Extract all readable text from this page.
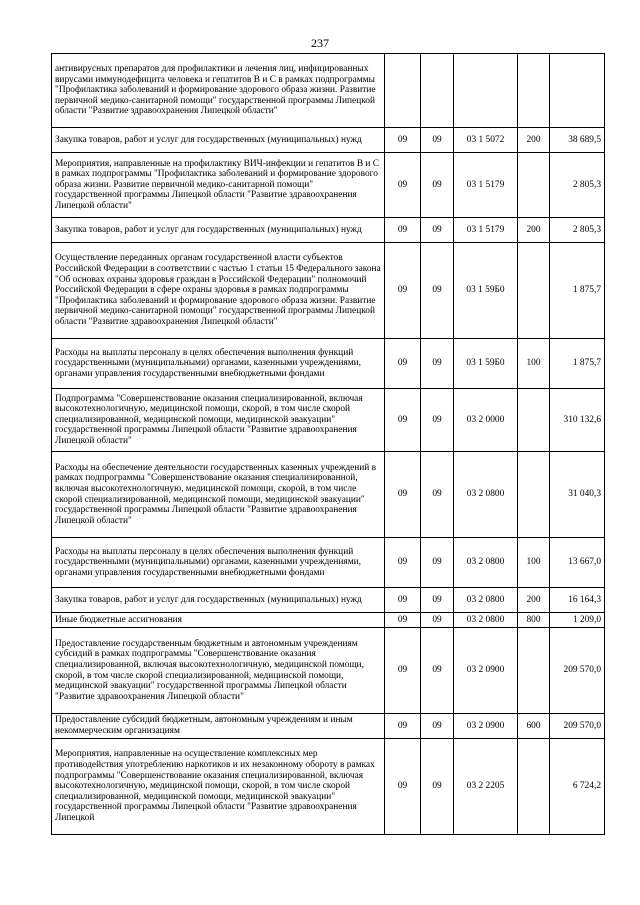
237
антивирусных препаратов для профилактики и лечения лиц, инфицированных вирусами иммунодефицита человека и гепатитов В и С в рамках подпрограммы "Профилактика заболеваний и формирование здорового образа жизни. Развитие первичной медико-санитарной помощи" государственной программы Липецкой области "Развитие здравоохранения Липецкой области"					
Закупка товаров, работ и услуг для государственных (муниципальных) нужд	09	09	03 1 5072	200	38 689,5
Мероприятия, направленные на профилактику ВИЧ-инфекции и гепатитов В и С в рамках подпрограммы "Профилактика заболеваний и формирование здорового образа жизни. Развитие первичной медико-санитарной помощи" государственной программы Липецкой области "Развитие здравоохранения Липецкой области"	09	09	03 1 5179		2 805,3
Закупка товаров, работ и услуг для государственных (муниципальных) нужд	09	09	03 1 5179	200	2 805,3
Осуществление переданных органам государственной власти субъектов Российской Федерации в соответствии с частью 1 статьи 15 Федерального закона "Об основах охраны здоровья граждан в Российской Федерации" полномочий Российской Федерации в сфере охраны здоровья в рамках подпрограммы "Профилактика заболеваний и формирование здорового образа жизни. Развитие первичной медико-санитарной помощи" государственной программы Липецкой области "Развитие здравоохранения Липецкой области"	09	09	03 1 59Б0		1 875,7
Расходы на выплаты персоналу в целях обеспечения выполнения функций государственными (муниципальными) органами, казенными учреждениями, органами управления государственными внебюджетными фондами	09	09	03 1 59Б0	100	1 875,7
Подпрограмма "Совершенствование оказания специализированной, включая высокотехнологичную, медицинской помощи, скорой, в том числе скорой специализированной, медицинской помощи, медицинской эвакуации" государственной программы Липецкой области "Развитие здравоохранения Липецкой области"	09	09	03 2 0000		310 132,6
Расходы на обеспечение деятельности государственных казенных учреждений в рамках подпрограммы "Совершенствование оказания специализированной, включая высокотехнологичную, медицинской помощи, скорой, в том числе скорой специализированной, медицинской помощи, медицинской эвакуации" государственной программы Липецкой области "Развитие здравоохранения Липецкой области"	09	09	03 2 0800		31 040,3
Расходы на выплаты персоналу в целях обеспечения выполнения функций государственными (муниципальными) органами, казенными учреждениями, органами управления государственными внебюджетными фондами	09	09	03 2 0800	100	13 667,0
Закупка товаров, работ и услуг для государственных (муниципальных) нужд	09	09	03 2 0800	200	16 164,3
Иные бюджетные ассигнования	09	09	03 2 0800	800	1 209,0
Предоставление государственным бюджетным и автономным учреждениям субсидий в рамках подпрограммы "Совершенствование оказания специализированной, включая высокотехнологичную, медицинской помощи, скорой, в том числе скорой специализированной, медицинской помощи, медицинской эвакуации" государственной программы Липецкой области "Развитие здравоохранения Липецкой области"	09	09	03 2 0900		209 570,0
Предоставление субсидий бюджетным, автономным учреждениям и иным некоммерческим организациям	09	09	03 2 0900	600	209 570,0
Мероприятия, направленные на осуществление комплексных мер противодействия употреблению наркотиков и их незаконному обороту в рамках подпрограммы "Совершенствование оказания специализированной, включая высокотехнологичную, медицинской помощи, скорой, в том числе скорой специализированной, медицинской помощи, медицинской эвакуации" государственной программы Липецкой области "Развитие здравоохранения Липецкой	09	09	03 2 2205		6 724,2
